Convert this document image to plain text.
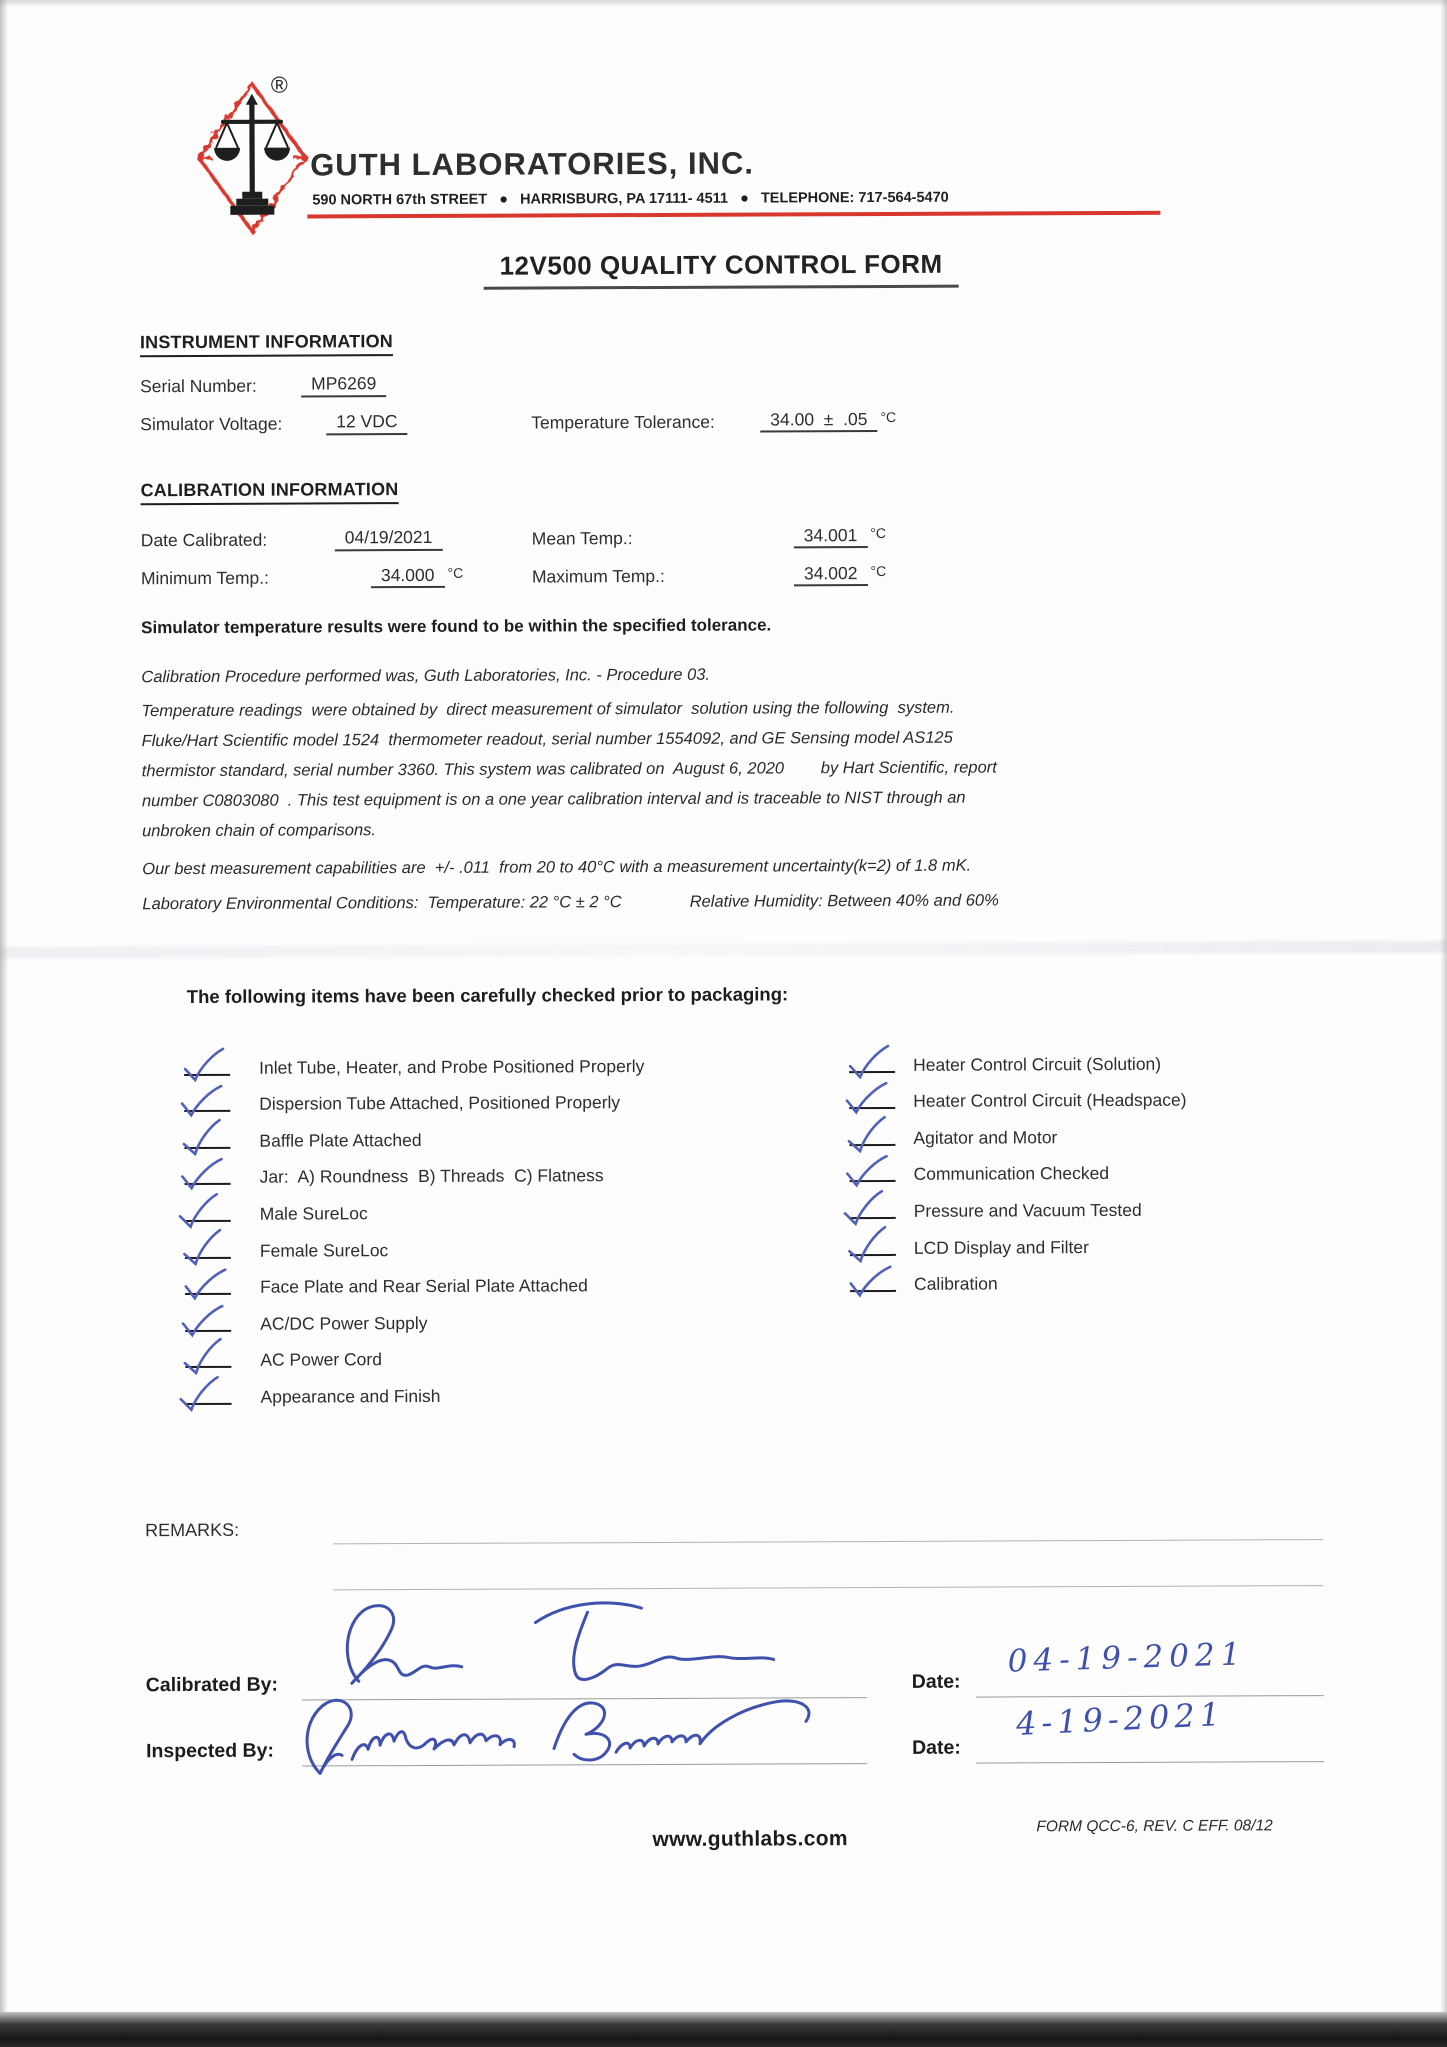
®
GUTH LABORATORIES, INC.
590 NORTH 67th STREET   ●   HARRISBURG, PA 17111- 4511   ●   TELEPHONE: 717-564-5470
12V500 QUALITY CONTROL FORM
INSTRUMENT INFORMATION
Serial Number:	MP6269
Simulator Voltage:	12 VDC	Temperature Tolerance:	34.00  ±  .05 °C
CALIBRATION INFORMATION
Date Calibrated:	04/19/2021	Mean Temp.:	34.001 °C
Minimum Temp.:	34.000 °C	Maximum Temp.:	34.002 °C
Simulator temperature results were found to be within the specified tolerance.
Calibration Procedure performed was, Guth Laboratories, Inc. - Procedure 03.
Temperature readings  were obtained by  direct measurement of simulator  solution using the following  system.
Fluke/Hart Scientific model 1524  thermometer readout, serial number 1554092, and GE Sensing model AS125
thermistor standard, serial number 3360. This system was calibrated on  August 6, 2020        by Hart Scientific, report
number C0803080  . This test equipment is on a one year calibration interval and is traceable to NIST through an
unbroken chain of comparisons.
Our best measurement capabilities are  +/- .011  from 20 to 40°C with a measurement uncertainty(k=2) of 1.8 mK.
Laboratory Environmental Conditions:  Temperature: 22 °C ± 2 °C	Relative Humidity: Between 40% and 60%
The following items have been carefully checked prior to packaging:
Inlet Tube, Heater, and Probe Positioned Properly
Dispersion Tube Attached, Positioned Properly
Baffle Plate Attached
Jar:  A) Roundness  B) Threads  C) Flatness
Male SureLoc
Female SureLoc
Face Plate and Rear Serial Plate Attached
AC/DC Power Supply
AC Power Cord
Appearance and Finish
Heater Control Circuit (Solution)
Heater Control Circuit (Headspace)
Agitator and Motor
Communication Checked
Pressure and Vacuum Tested
LCD Display and Filter
Calibration
REMARKS:
Calibrated By:	Date:
04-19-2021
Inspected By:	Date:
4-19-2021
www.guthlabs.com
FORM QCC-6, REV. C EFF. 08/12
